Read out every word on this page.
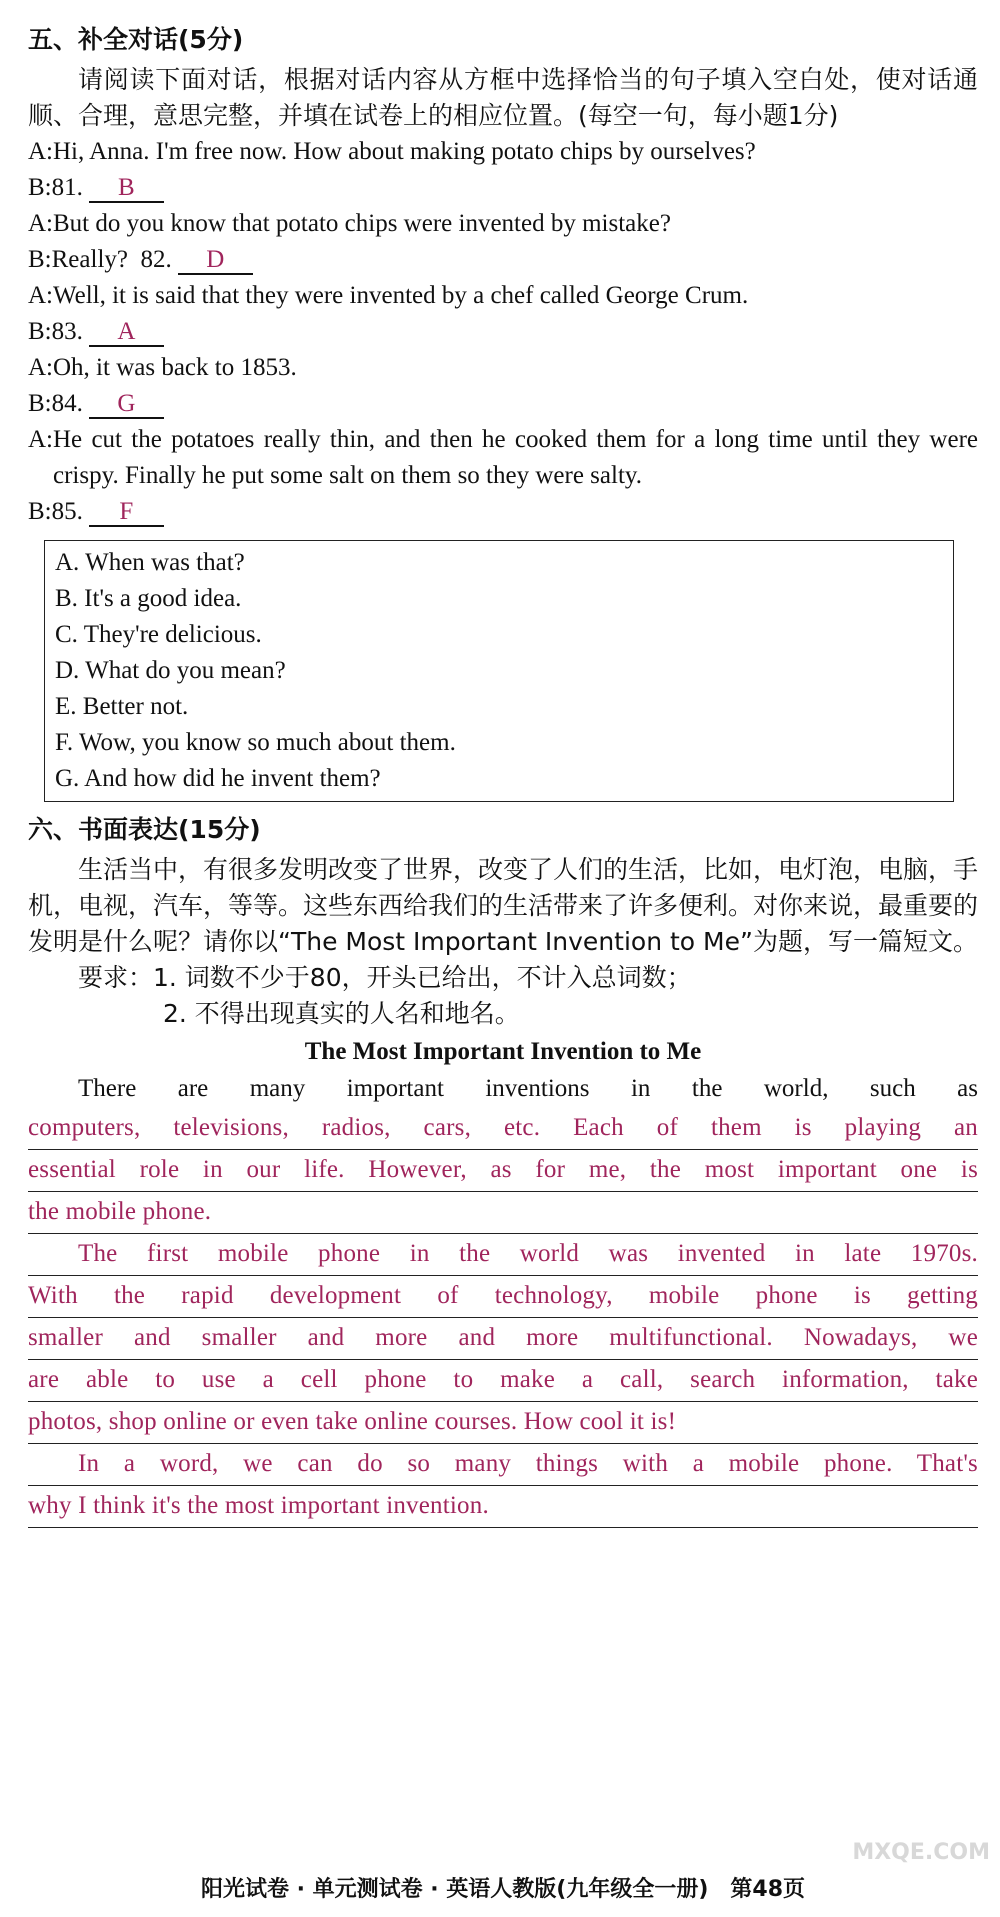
五、补全对话(5分)

请阅读下面对话，根据对话内容从方框中选择恰当的句子填入空白处，使对话通顺、合理，意思完整，并填在试卷上的相应位置。(每空一句，每小题1分)

A: Hi, Anna. I'm free now. How about making potato chips by ourselves?
B: 81. B
A: But do you know that potato chips were invented by mistake?
B: Really?  82. D
A: Well, it is said that they were invented by a chef called George Crum.
B: 83. A
A: Oh, it was back to 1853.
B: 84. G
A: He cut the potatoes really thin, and then he cooked them for a long time until they were crispy. Finally he put some salt on them so they were salty.
B: 85. F
A. When was that?
B. It's a good idea.
C. They're delicious.
D. What do you mean?
E. Better not.
F. Wow, you know so much about them.
G. And how did he invent them?
六、书面表达(15分)

生活当中，有很多发明改变了世界，改变了人们的生活，比如，电灯泡，电脑，手机，电视，汽车，等等。这些东西给我们的生活带来了许多便利。对你来说，最重要的发明是什么呢？请你以“The Most Important Invention to Me”为题，写一篇短文。

要求：1. 词数不少于80，开头已给出，不计入总词数；

2. 不得出现真实的人名和地名。

The Most Important Invention to Me

There are many important inventions in the world, such as

computers, televisions, radios, cars, etc. Each of them is playing an
essential role in our life. However, as for me, the most important one is
the mobile phone.
The first mobile phone in the world was invented in late 1970s.
With the rapid development of technology, mobile phone is getting
smaller and smaller and more and more multifunctional. Nowadays, we
are able to use a cell phone to make a call, search information, take
photos, shop online or even take online courses. How cool it is!
In a word, we can do so many things with a mobile phone. That's
why I think it's the most important invention.
阳光试卷 · 单元测试卷 · 英语人教版(九年级全一册) 第48页
MXQE.COM
